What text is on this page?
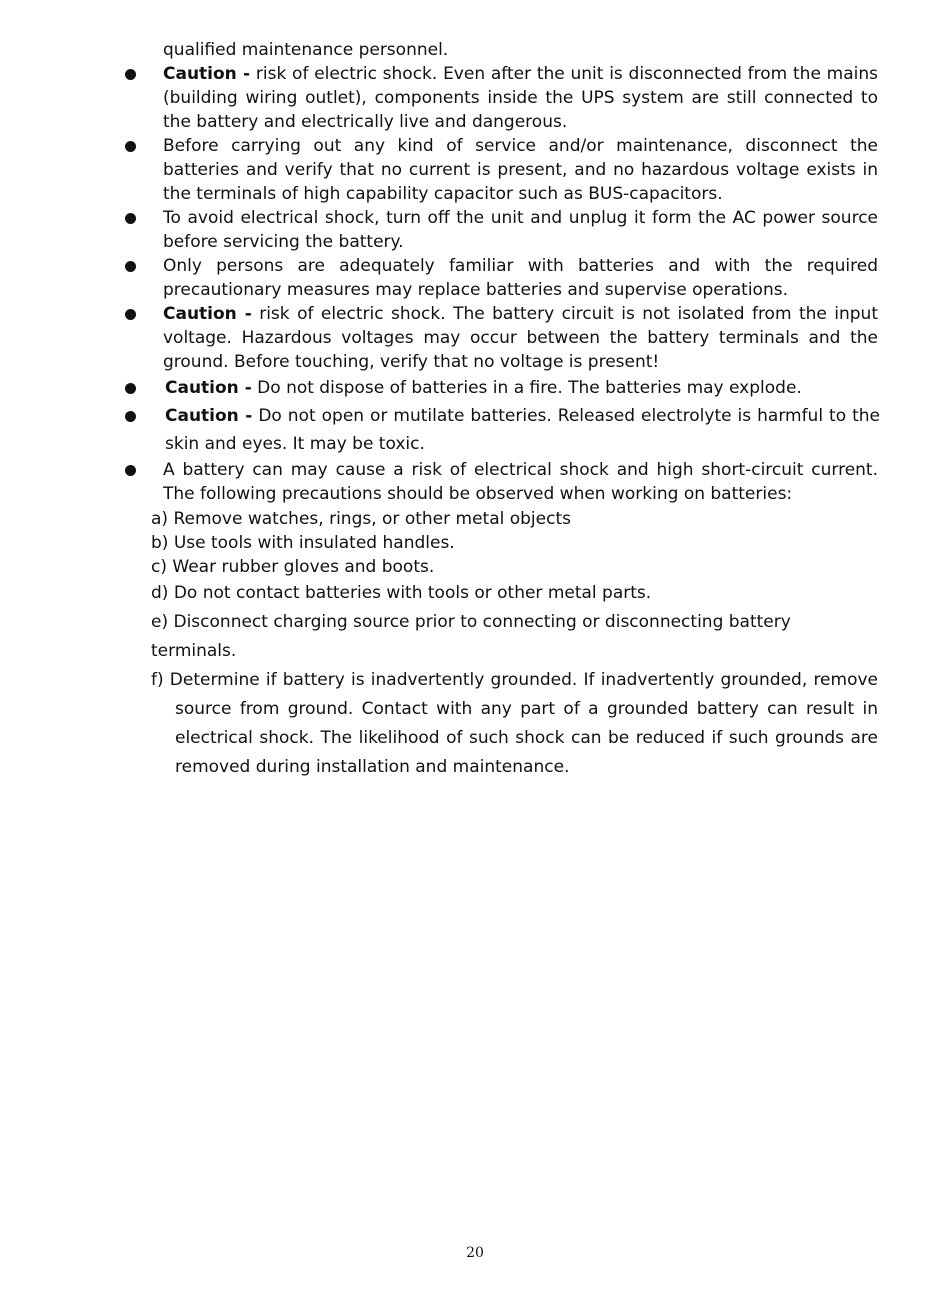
qualified maintenance personnel.
Caution - risk of electric shock. Even after the unit is disconnected from the mains (building wiring outlet), components inside the UPS system are still connected to the battery and electrically live and dangerous.
Before carrying out any kind of service and/or maintenance, disconnect the batteries and verify that no current is present, and no hazardous voltage exists in the terminals of high capability capacitor such as BUS-capacitors.
To avoid electrical shock, turn off the unit and unplug it form the AC power source before servicing the battery.
Only persons are adequately familiar with batteries and with the required precautionary measures may replace batteries and supervise operations.
Caution - risk of electric shock. The battery circuit is not isolated from the input voltage. Hazardous voltages may occur between the battery terminals and the ground. Before touching, verify that no voltage is present!
Caution - Do not dispose of batteries in a fire. The batteries may explode.
Caution - Do not open or mutilate batteries. Released electrolyte is harmful to the skin and eyes. It may be toxic.
A battery can may cause a risk of electrical shock and high short-circuit current. The following precautions should be observed when working on batteries:
a) Remove watches, rings, or other metal objects
b) Use tools with insulated handles.
c) Wear rubber gloves and boots.
d) Do not contact batteries with tools or other metal parts.
e) Disconnect charging source prior to connecting or disconnecting battery terminals.
f) Determine if battery is inadvertently grounded. If inadvertently grounded, remove source from ground. Contact with any part of a grounded battery can result in electrical shock. The likelihood of such shock can be reduced if such grounds are removed during installation and maintenance.
20
